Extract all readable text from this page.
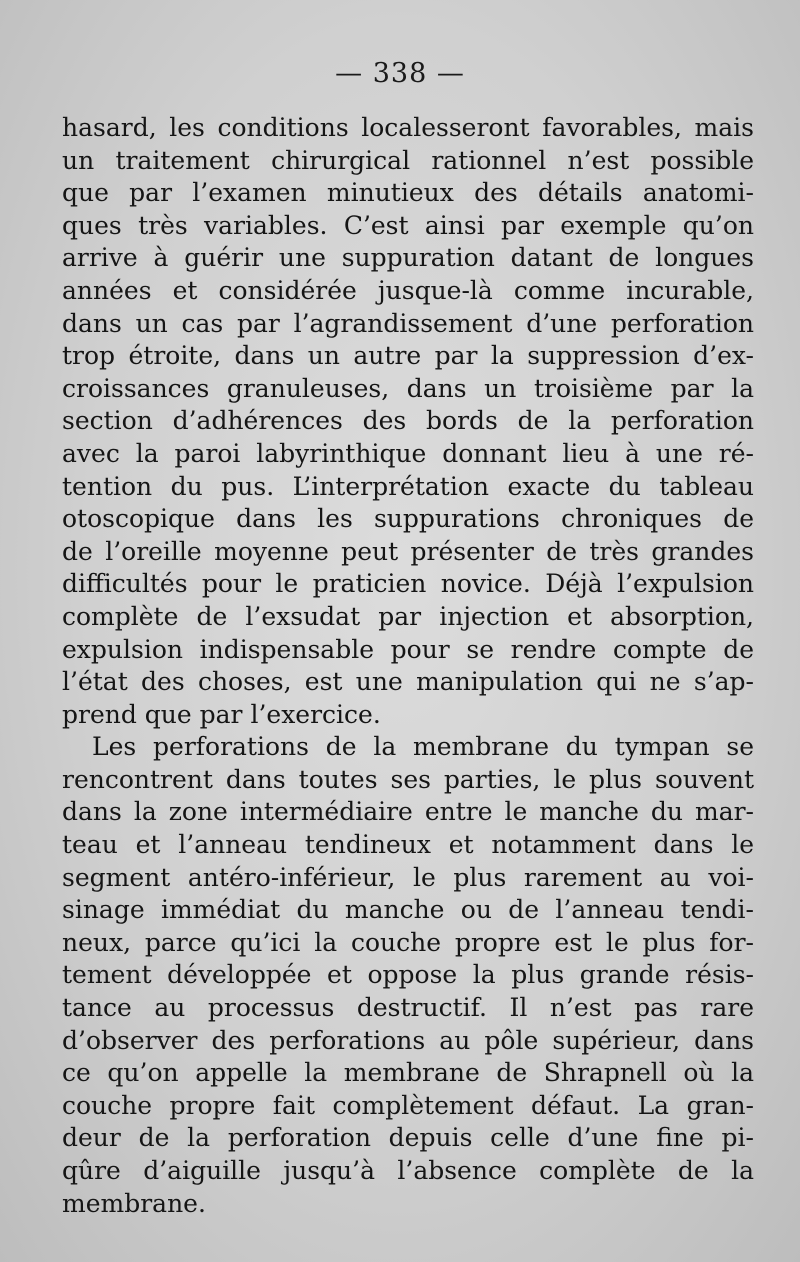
— 338 —
hasard, les conditions localesseront favorables, mais
un traitement chirurgical rationnel n’est possible
que par l’examen minutieux des détails anatomi-
ques très variables. C’est ainsi par exemple qu’on
arrive à guérir une suppuration datant de longues
années et considérée jusque-là comme incurable,
dans un cas par l’agrandissement d’une perforation
trop étroite, dans un autre par la suppression d’ex-
croissances granuleuses, dans un troisième par la
section d’adhérences des bords de la perforation
avec la paroi labyrinthique donnant lieu à une ré-
tention du pus. L’interprétation exacte du tableau
otoscopique dans les suppurations chroniques de
de l’oreille moyenne peut présenter de très grandes
difficultés pour le praticien novice. Déjà l’expulsion
complète de l’exsudat par injection et absorption,
expulsion indispensable pour se rendre compte de
l’état des choses, est une manipulation qui ne s’ap-
prend que par l’exercice.
Les perforations de la membrane du tympan se
rencontrent dans toutes ses parties, le plus souvent
dans la zone intermédiaire entre le manche du mar-
teau et l’anneau tendineux et notamment dans le
segment antéro-inférieur, le plus rarement au voi-
sinage immédiat du manche ou de l’anneau tendi-
neux, parce qu’ici la couche propre est le plus for-
tement développée et oppose la plus grande résis-
tance au processus destructif. Il n’est pas rare
d’observer des perforations au pôle supérieur, dans
ce qu’on appelle la membrane de Shrapnell où la
couche propre fait complètement défaut. La gran-
deur de la perforation depuis celle d’une fine pi-
qûre d’aiguille jusqu’à l’absence complète de la
membrane.
